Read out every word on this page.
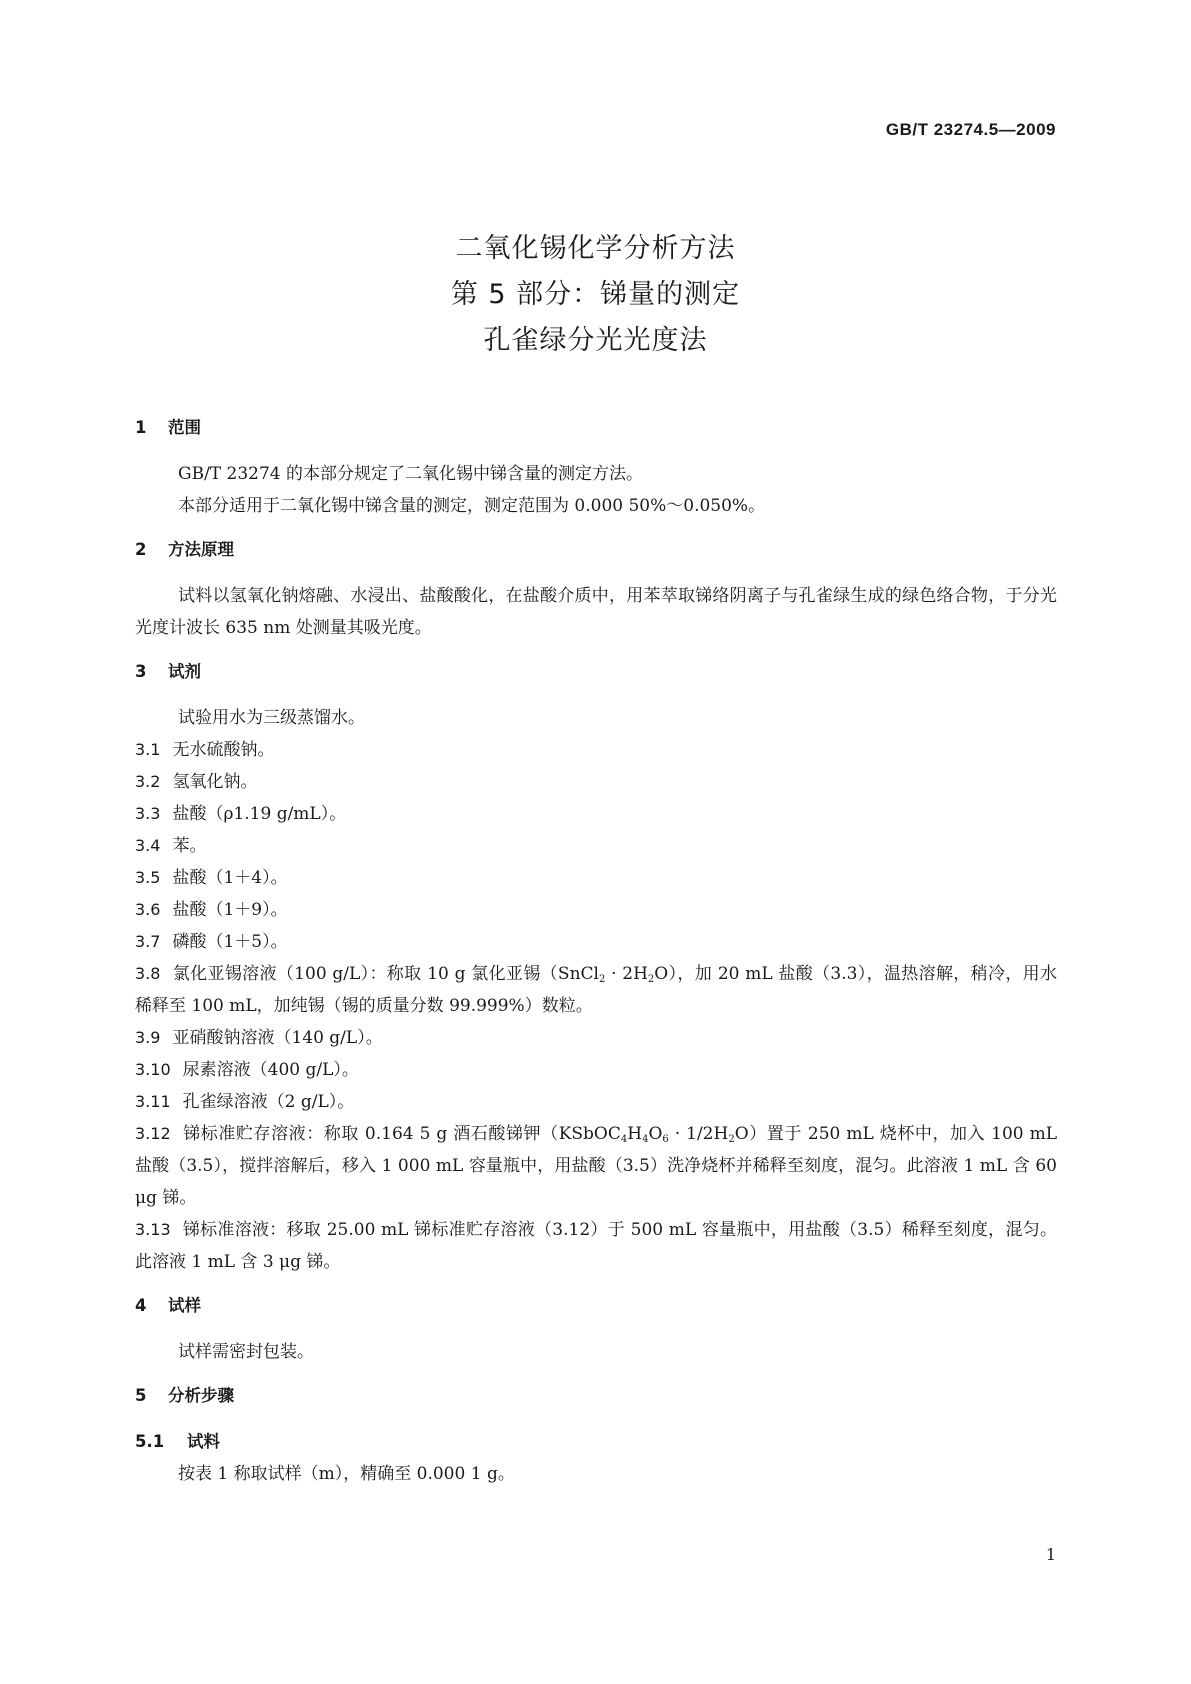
GB/T 23274.5—2009
二氧化锡化学分析方法
第 5 部分：锑量的测定
孔雀绿分光光度法
1 范围
GB/T 23274 的本部分规定了二氧化锡中锑含量的测定方法。
本部分适用于二氧化锡中锑含量的测定，测定范围为 0.000 50%～0.050%。
2 方法原理
试料以氢氧化钠熔融、水浸出、盐酸酸化，在盐酸介质中，用苯萃取锑络阴离子与孔雀绿生成的绿色络合物，于分光光度计波长 635 nm 处测量其吸光度。
3 试剂
试验用水为三级蒸馏水。
3.1 无水硫酸钠。
3.2 氢氧化钠。
3.3 盐酸（ρ1.19 g/mL）。
3.4 苯。
3.5 盐酸（1＋4）。
3.6 盐酸（1＋9）。
3.7 磷酸（1＋5）。
3.8 氯化亚锡溶液（100 g/L）：称取 10 g 氯化亚锡（SnCl$_2$ · $2H_2O$），加 20 mL 盐酸（3.3），温热溶解，稍冷，用水稀释至 100 mL，加纯锡（锡的质量分数 99.999%）数粒。
3.9 亚硝酸钠溶液（140 g/L）。
3.10 尿素溶液（400 g/L）。
3.11 孔雀绿溶液（2 g/L）。
3.12 锑标准贮存溶液：称取 0.164 5 g 酒石酸锑钾$(KSbOC_4H_4O_6 \cdot 1/2H_2O)$置于 250 mL 烧杯中，加入 100 mL 盐酸（3.5），搅拌溶解后，移入 1 000 mL 容量瓶中，用盐酸（3.5）洗净烧杯并稀释至刻度，混匀。此溶液 1 mL 含 60 μg 锑。
3.13 锑标准溶液：移取 25.00 mL 锑标准贮存溶液（3.12）于 500 mL 容量瓶中，用盐酸（3.5）稀释至刻度，混匀。此溶液 1 mL 含 3 μg 锑。
4 试样
试样需密封包装。
5 分析步骤
5.1 试料
按表 1 称取试样（m），精确至 0.000 1 g。
1
